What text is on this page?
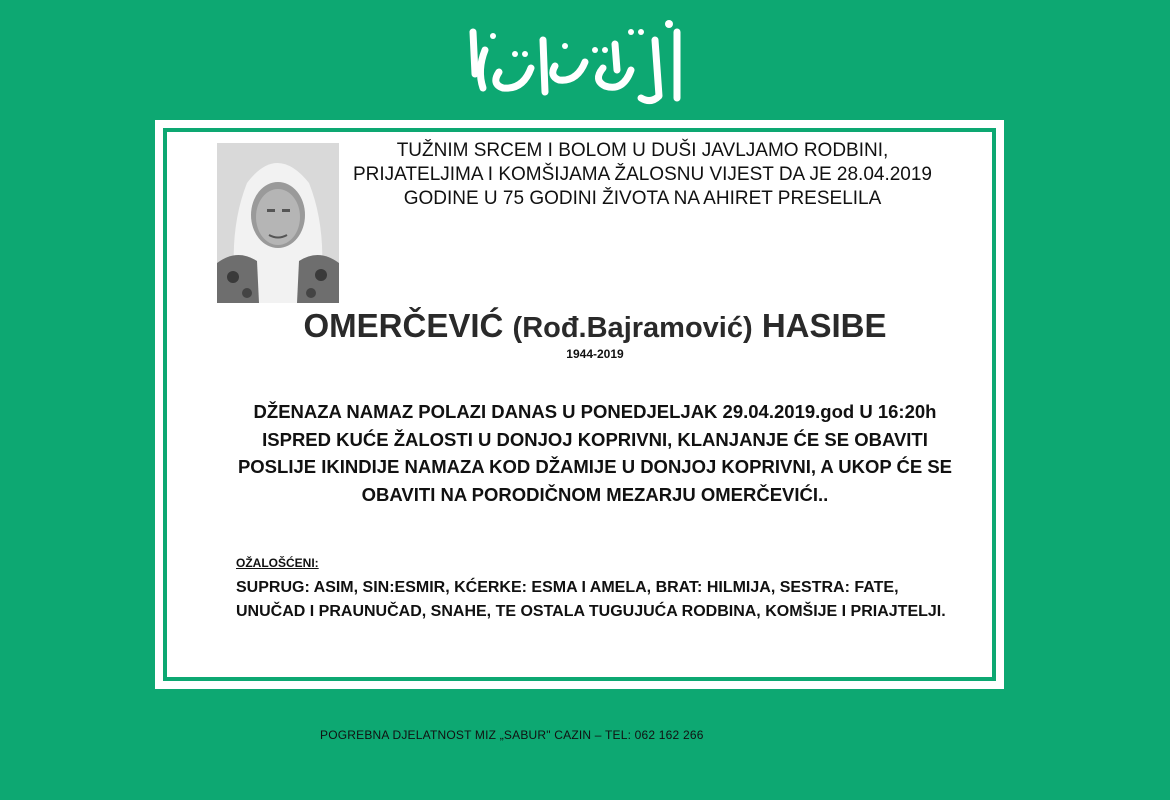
TUŽNIM SRCEM I BOLOM U DUŠI JAVLJAMO RODBINI, PRIJATELJIMA I KOMŠIJAMA ŽALOSNU VIJEST DA JE 28.04.2019 GODINE U 75 GODINI ŽIVOTA NA AHIRET PRESELILA
OMERČEVIĆ (Rođ.Bajramović) HASIBE
1944-2019
DŽENAZA NAMAZ POLAZI DANAS U PONEDJELJAK 29.04.2019.god U 16:20h ISPRED KUĆE ŽALOSTI U DONJOJ KOPRIVNI, KLANJANJE ĆE SE OBAVITI POSLIJE IKINDIJE NAMAZA KOD DŽAMIJE U DONJOJ KOPRIVNI, A UKOP ĆE SE OBAVITI NA PORODIČNOM MEZARJU OMERČEVIĆI..
OŽALOŠĆENI:
SUPRUG: ASIM, SIN:ESMIR, KĆERKE: ESMA I AMELA, BRAT: HILMIJA, SESTRA: FATE, UNUČAD I PRAUNUČAD, SNAHE, TE OSTALA TUGUJUĆA RODBINA, KOMŠIJE I PRIAJTELJI.
POGREBNA DJELATNOST MIZ „SABUR" CAZIN – TEL: 062 162 266
